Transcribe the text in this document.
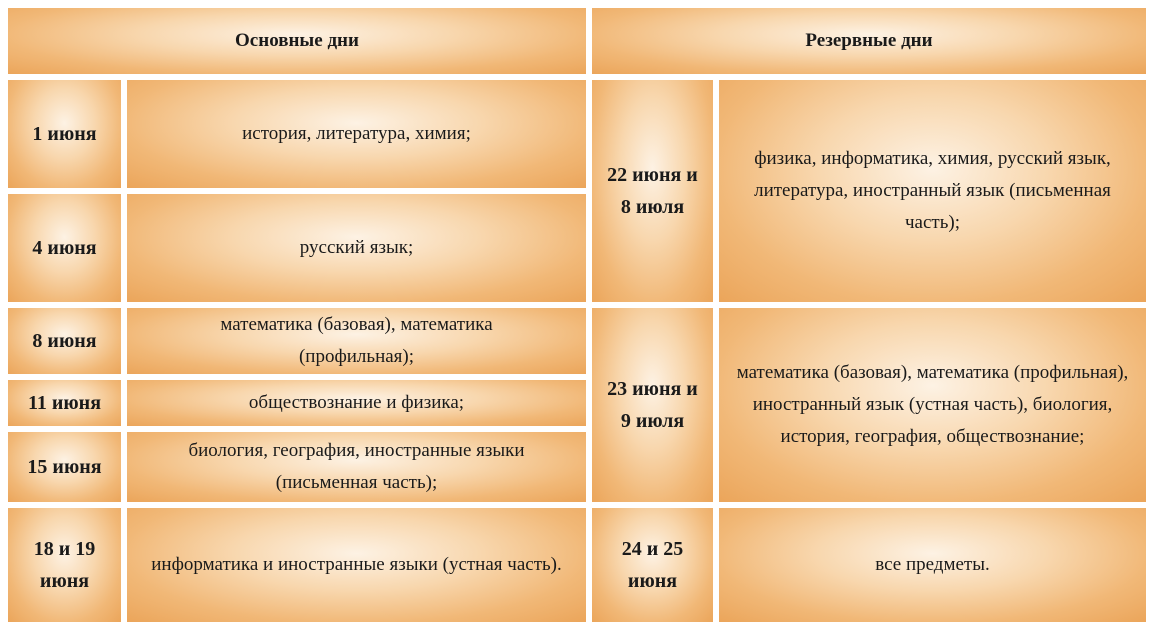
Основные дни	Резервные дни
1 июня
4 июня
8 июня
11 июня
15 июня
18 и 19 июня
история, литература, химия;
русский язык;
математика (базовая), математика (профильная);
обществознание и физика;
биология, география, иностранные языки (письменная часть);
информатика и иностранные языки (устная часть).
22 июня и 8 июля
23 июня и 9 июля
24 и 25 июня
физика, информатика, химия, русский язык, литература, иностранный язык (письменная часть);
математика (базовая), математика (профильная), иностранный язык (устная часть), биология, история, география, обществознание;
все предметы.
